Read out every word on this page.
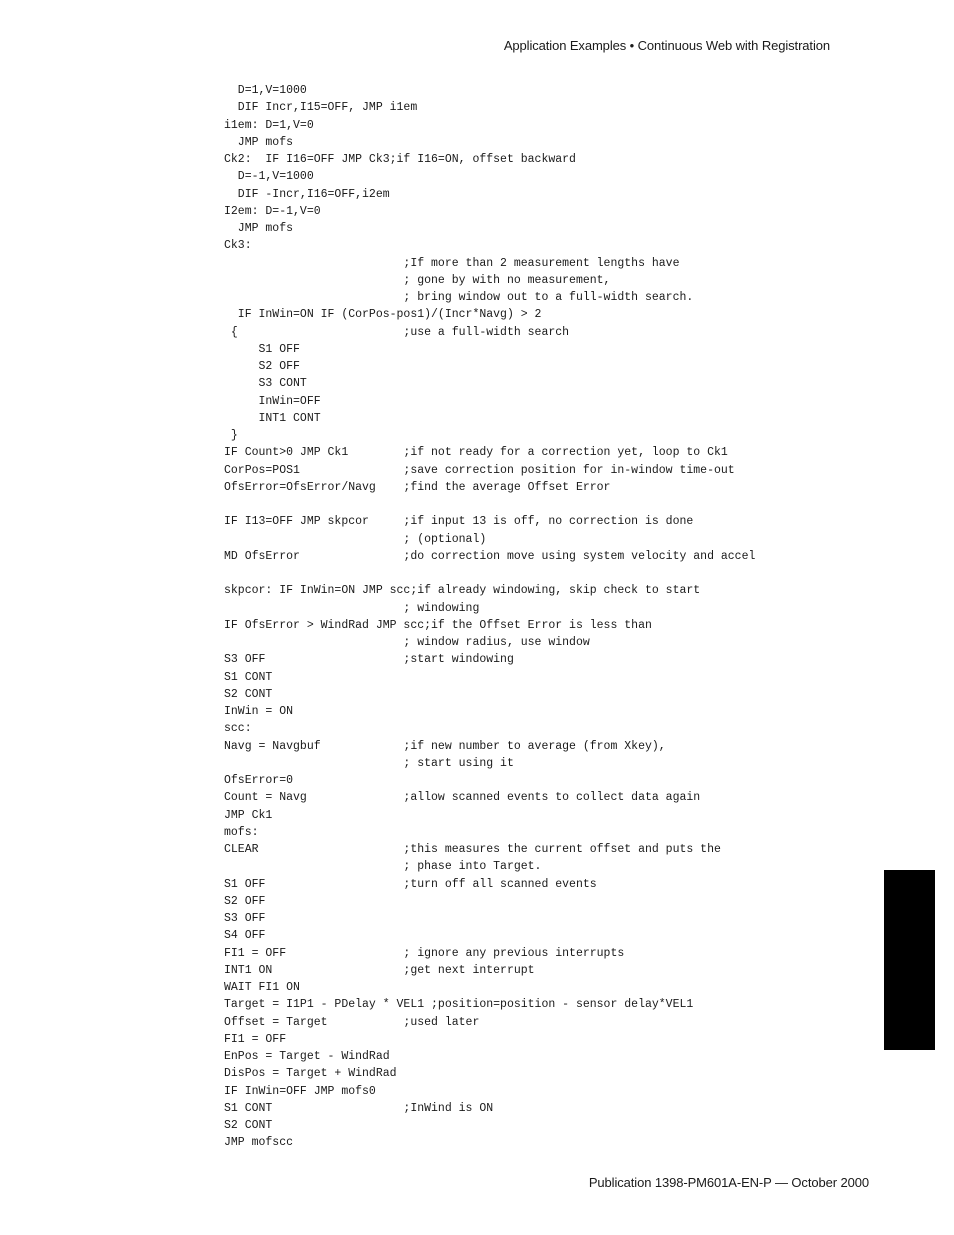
Application Examples • Continuous Web with Registration
D=1,V=1000
DIF Incr,I15=OFF, JMP i1em
i1em: D=1,V=0
JMP mofs
Ck2:  IF I16=OFF JMP Ck3;if I16=ON, offset backward
D=-1,V=1000
DIF -Incr,I16=OFF,i2em
I2em: D=-1,V=0
JMP mofs
Ck3:
;If more than 2 measurement lengths have
; gone by with no measurement,
; bring window out to a full-width search.
IF InWin=ON IF (CorPos-pos1)/(Incr*Navg) > 2
{                        ;use a full-width search
S1 OFF
S2 OFF
S3 CONT
InWin=OFF
INT1 CONT
}
IF Count>0 JMP Ck1        ;if not ready for a correction yet, loop to Ck1
CorPos=POS1               ;save correction position for in-window time-out
OfsError=OfsError/Navg    ;find the average Offset Error
IF I13=OFF JMP skpcor     ;if input 13 is off, no correction is done
; (optional)
MD OfsError               ;do correction move using system velocity and accel
skpcor: IF InWin=ON JMP scc;if already windowing, skip check to start
; windowing
IF OfsError > WindRad JMP scc;if the Offset Error is less than
; window radius, use window
S3 OFF                    ;start windowing
S1 CONT
S2 CONT
InWin = ON
scc:
Navg = Navgbuf            ;if new number to average (from Xkey),
; start using it
OfsError=0
Count = Navg              ;allow scanned events to collect data again
JMP Ck1
mofs:
CLEAR                     ;this measures the current offset and puts the
; phase into Target.
S1 OFF                    ;turn off all scanned events
S2 OFF
S3 OFF
S4 OFF
FI1 = OFF                 ; ignore any previous interrupts
INT1 ON                   ;get next interrupt
WAIT FI1 ON
Target = I1P1 - PDelay * VEL1 ;position=position - sensor delay*VEL1
Offset = Target           ;used later
FI1 = OFF
EnPos = Target - WindRad
DisPos = Target + WindRad
IF InWin=OFF JMP mofs0
S1 CONT                   ;InWind is ON
S2 CONT
JMP mofscc
Publication 1398-PM601A-EN-P — October 2000
